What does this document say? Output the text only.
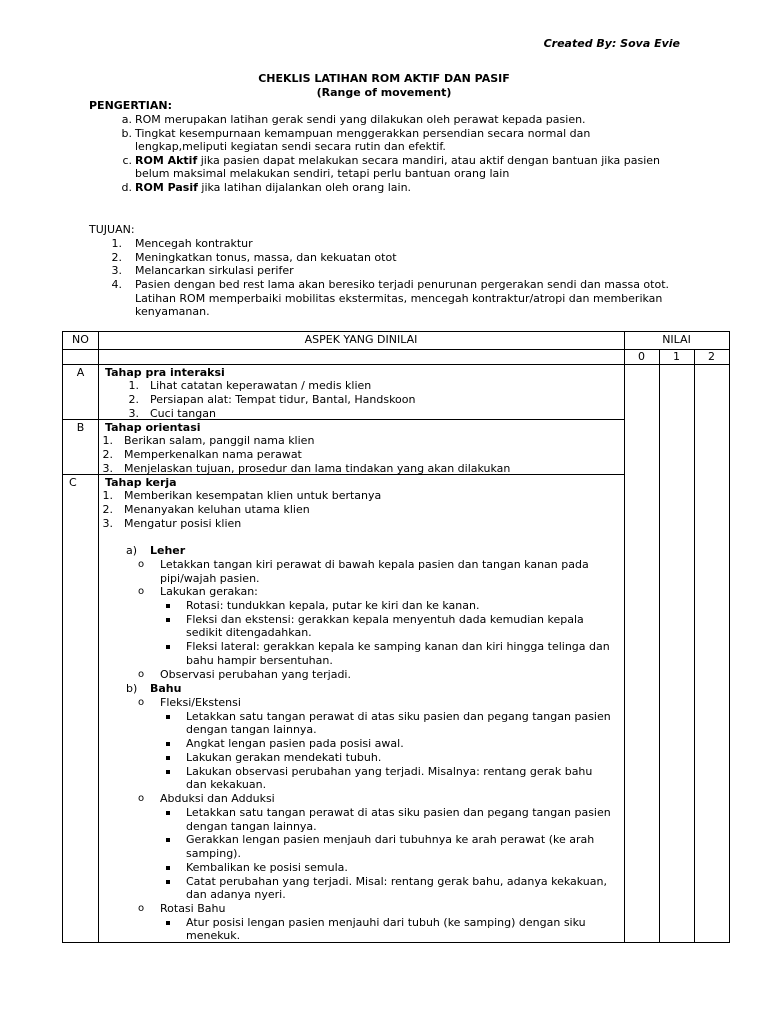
Created By: Sova Evie
CHEKLIS LATIHAN ROM AKTIF DAN PASIF
(Range of movement)
PENGERTIAN:
a. ROM merupakan latihan gerak sendi yang dilakukan oleh perawat kepada pasien.
b. Tingkat kesempurnaan kemampuan menggerakkan persendian secara normal dan
lengkap,meliputi kegiatan sendi secara rutin dan efektif.
c. ROM Aktif jika pasien dapat melakukan secara mandiri, atau aktif dengan bantuan jika pasien
belum maksimal melakukan sendiri, tetapi perlu bantuan orang lain
d. ROM Pasif jika latihan dijalankan oleh orang lain.
TUJUAN:
1. Mencegah kontraktur
2. Meningkatkan tonus, massa, dan kekuatan otot
3. Melancarkan sirkulasi perifer
4. Pasien dengan bed rest lama akan beresiko terjadi penurunan pergerakan sendi dan massa otot.
Latihan ROM memperbaiki mobilitas ekstermitas, mencegah kontraktur/atropi dan memberikan
kenyamanan.
NO	ASPEK YANG DINILAI	NILAI
0	1	2
A	Tahap pra interaksi
1. Lihat catatan keperawatan / medis klien
2. Persiapan alat: Tempat tidur, Bantal, Handskoon
3. Cuci tangan
B	Tahap orientasi
1. Berikan salam, panggil nama klien
2. Memperkenalkan nama perawat
3. Menjelaskan tujuan, prosedur dan lama tindakan yang akan dilakukan
C	Tahap kerja
1. Memberikan kesempatan klien untuk bertanya
2. Menanyakan keluhan utama klien
3. Mengatur posisi klien
a) Leher
o Letakkan tangan kiri perawat di bawah kepala pasien dan tangan kanan pada
pipi/wajah pasien.
o Lakukan gerakan:
Rotasi: tundukkan kepala, putar ke kiri dan ke kanan.
Fleksi dan ekstensi: gerakkan kepala menyentuh dada kemudian kepala
sedikit ditengadahkan.
Fleksi lateral: gerakkan kepala ke samping kanan dan kiri hingga telinga dan
bahu hampir bersentuhan.
o Observasi perubahan yang terjadi.
b) Bahu
o Fleksi/Ekstensi
Letakkan satu tangan perawat di atas siku pasien dan pegang tangan pasien
dengan tangan lainnya.
Angkat lengan pasien pada posisi awal.
Lakukan gerakan mendekati tubuh.
Lakukan observasi perubahan yang terjadi. Misalnya: rentang gerak bahu
dan kekakuan.
o Abduksi dan Adduksi
Letakkan satu tangan perawat di atas siku pasien dan pegang tangan pasien
dengan tangan lainnya.
Gerakkan lengan pasien menjauh dari tubuhnya ke arah perawat (ke arah
samping).
Kembalikan ke posisi semula.
Catat perubahan yang terjadi. Misal: rentang gerak bahu, adanya kekakuan,
dan adanya nyeri.
o Rotasi Bahu
Atur posisi lengan pasien menjauhi dari tubuh (ke samping) dengan siku
menekuk.
